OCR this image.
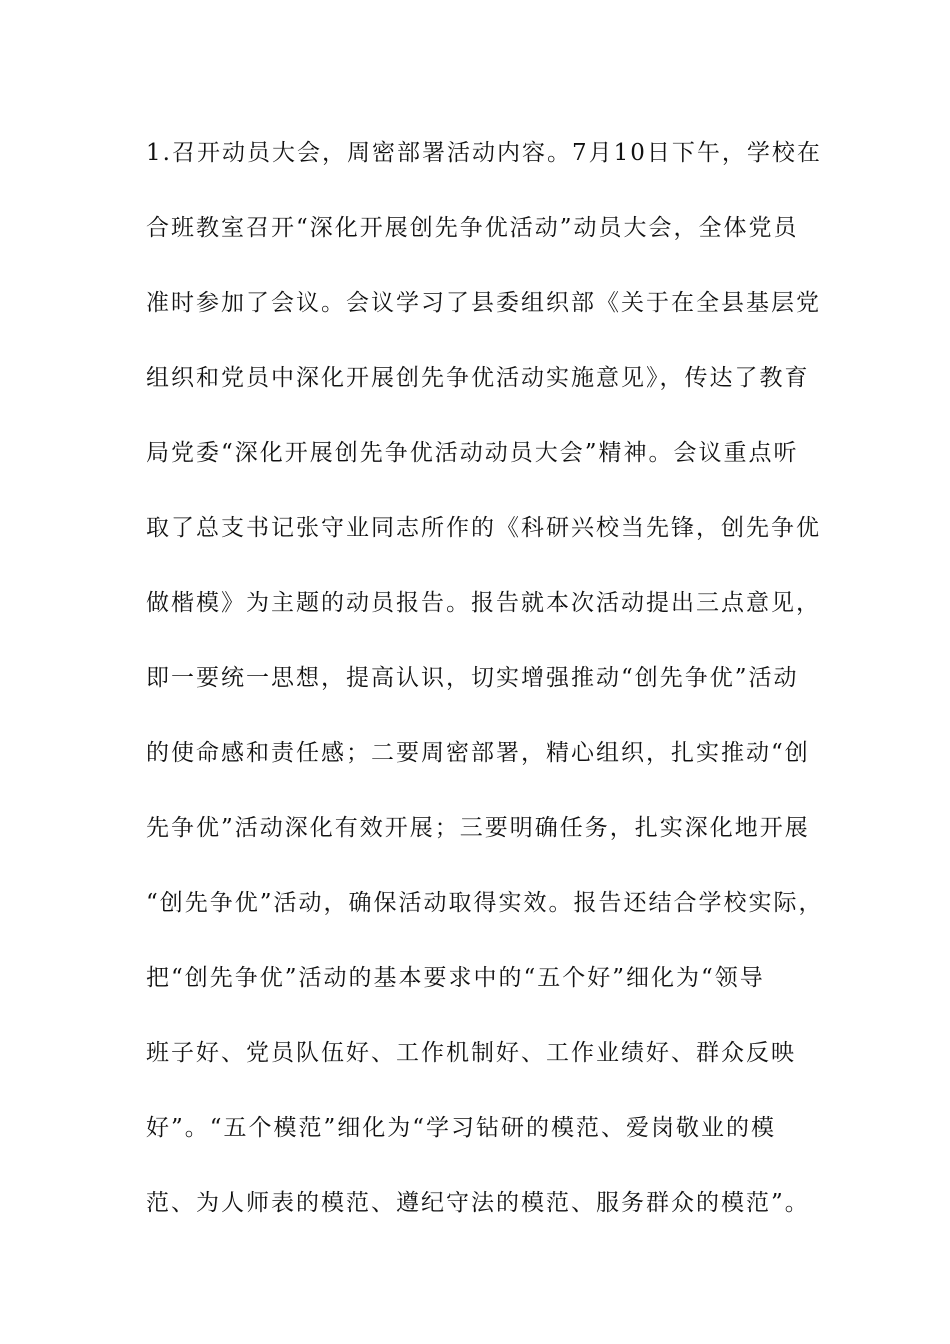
1.召开动员大会，周密部署活动内容。7月10日下午，学校在
合班教室召开“深化开展创先争优活动”动员大会，全体党员
准时参加了会议。会议学习了县委组织部《关于在全县基层党
组织和党员中深化开展创先争优活动实施意见》，传达了教育
局党委“深化开展创先争优活动动员大会”精神。会议重点听
取了总支书记张守业同志所作的《科研兴校当先锋，创先争优
做楷模》为主题的动员报告。报告就本次活动提出三点意见，
即一要统一思想，提高认识，切实增强推动“创先争优”活动
的使命感和责任感；二要周密部署，精心组织，扎实推动“创
先争优”活动深化有效开展；三要明确任务，扎实深化地开展
“创先争优”活动，确保活动取得实效。报告还结合学校实际，
把“创先争优”活动的基本要求中的“五个好”细化为“领导
班子好、党员队伍好、工作机制好、工作业绩好、群众反映
好”。“五个模范”细化为“学习钻研的模范、爱岗敬业的模
范、为人师表的模范、遵纪守法的模范、服务群众的模范”。
